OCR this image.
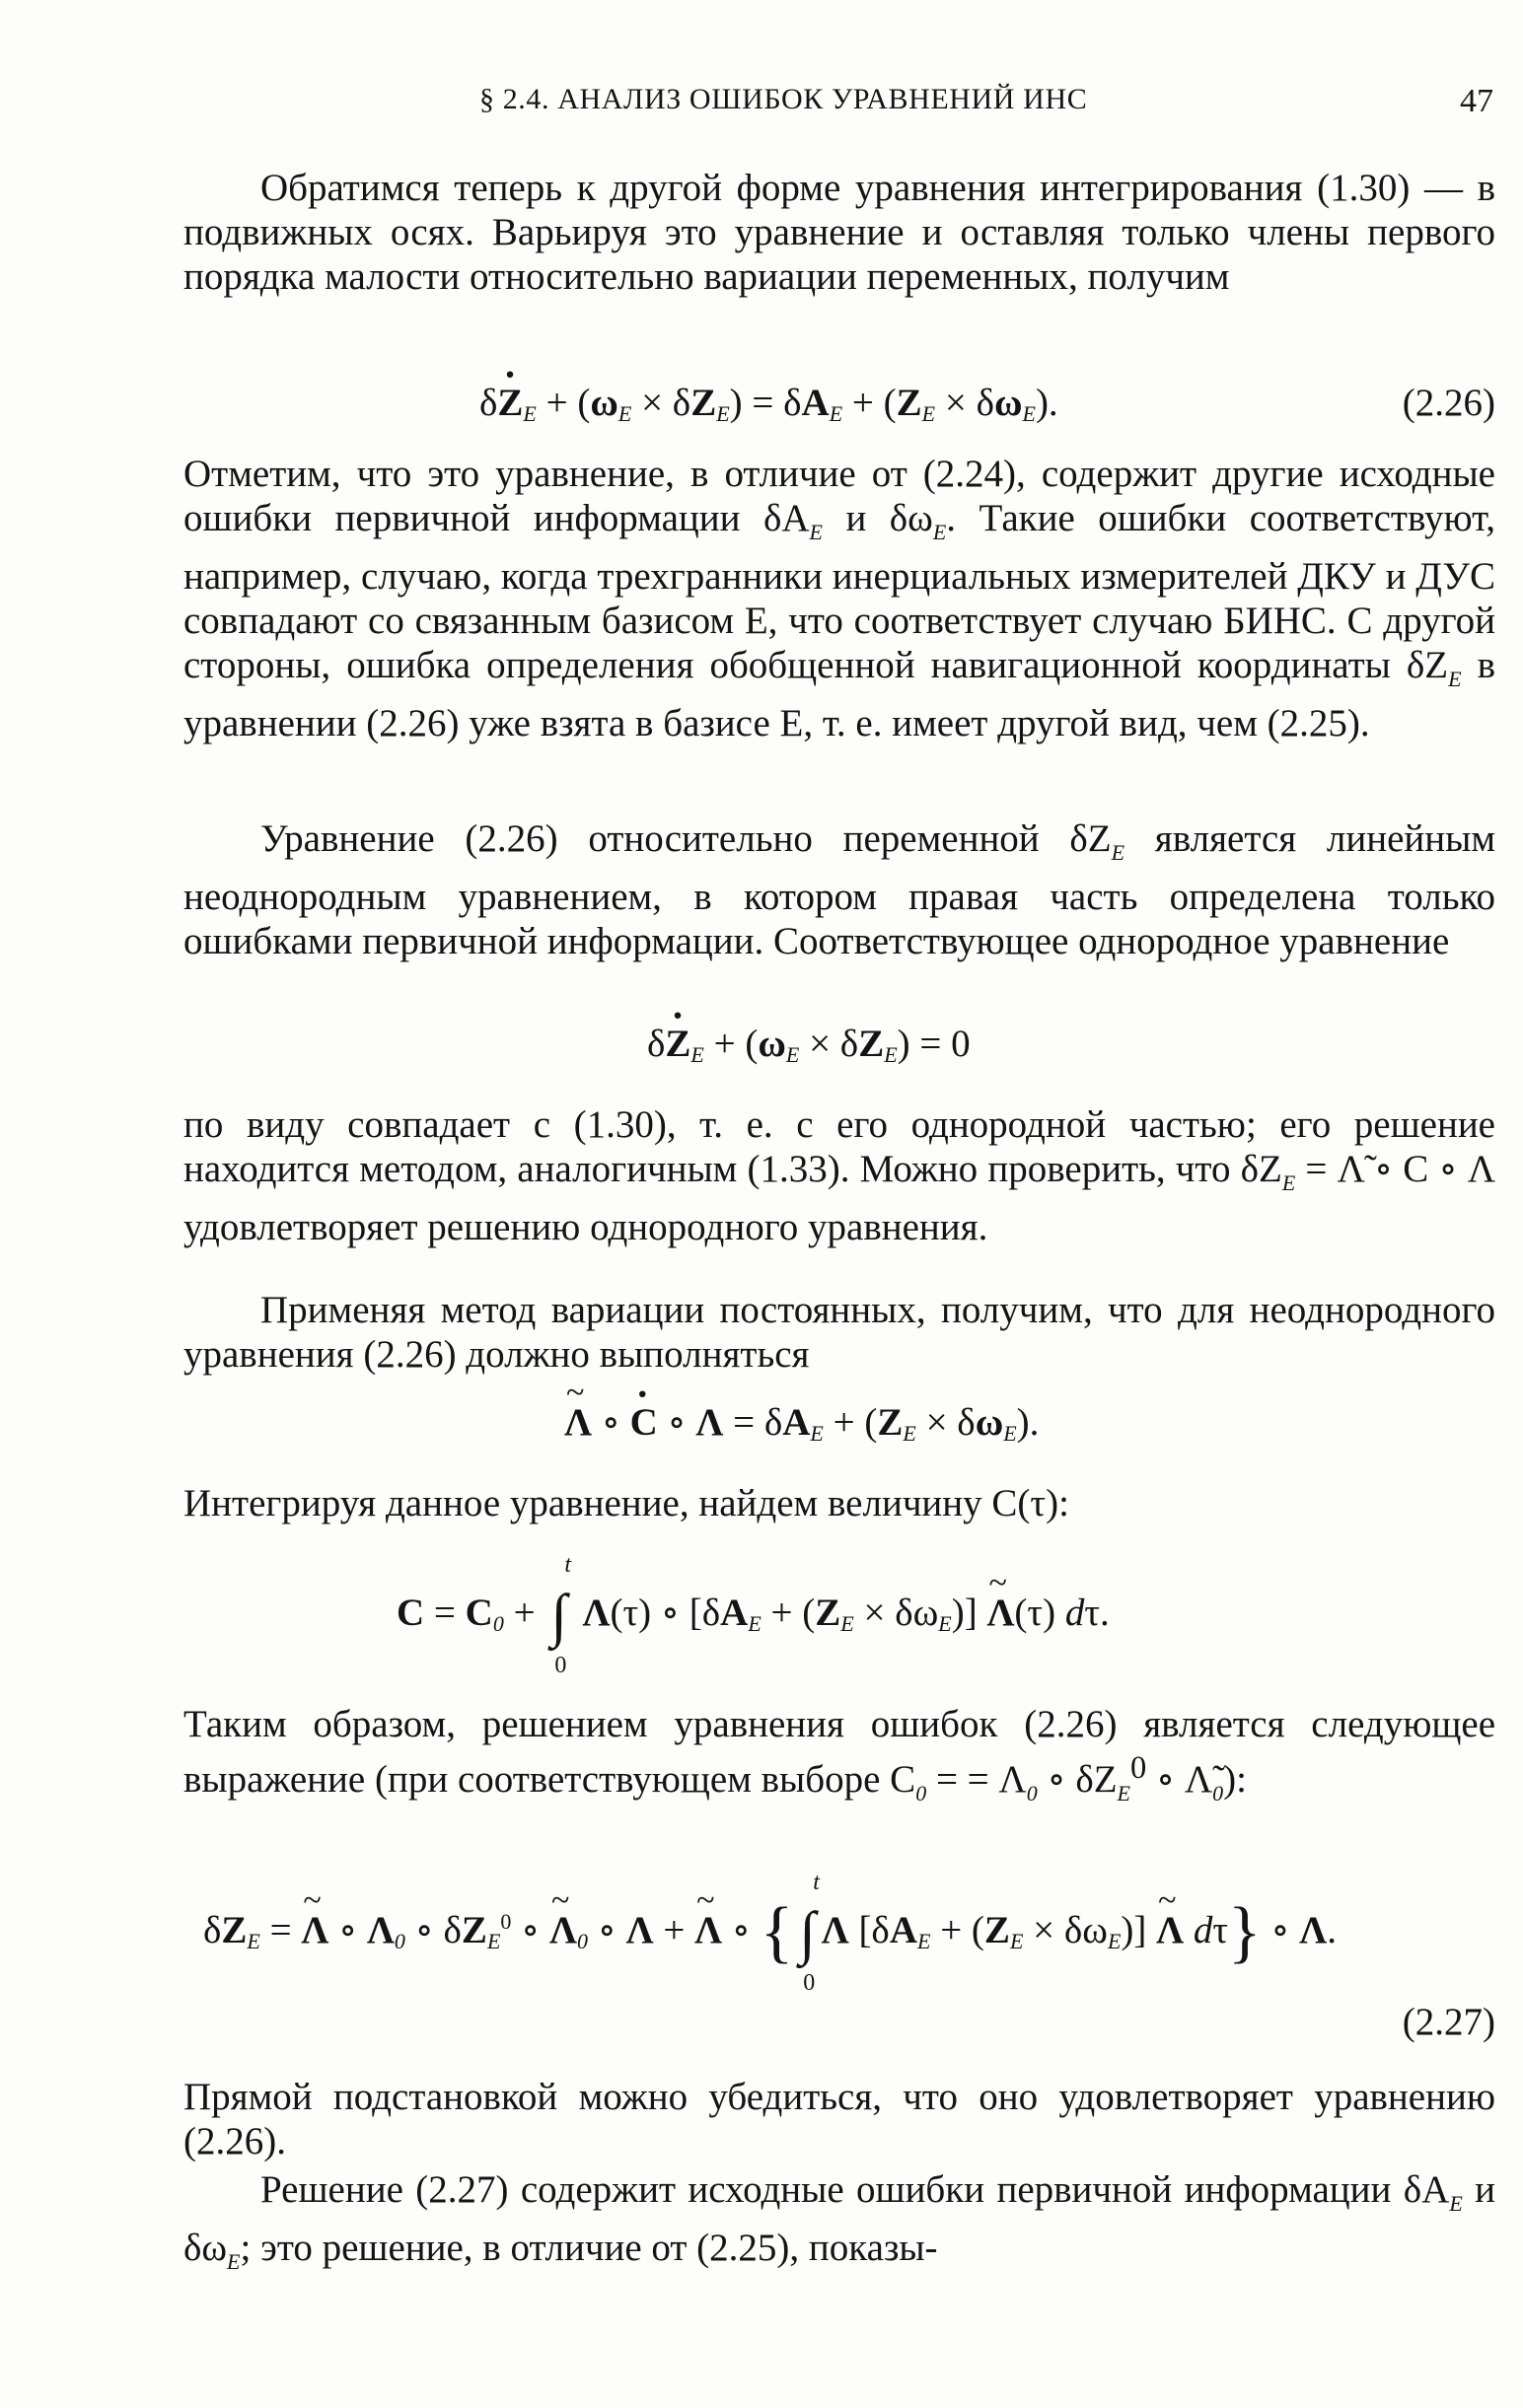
§ 2.4. АНАЛИЗ ОШИБОК УРАВНЕНИЙ ИНС	47

Обратимся теперь к другой форме уравнения интегрирования (1.30) — в подвижных осях. Варьируя это уравнение и оставляя только члены первого порядка малости относительно вариации переменных, получим

$\delta\cdot Z_E + (\omega_E \times \delta Z_E) = \delta A_E + (Z_E \times \delta\omega_E)$.	(2.26)

Отметим, что это уравнение, в отличие от (2.24), содержит другие исходные ошибки первичной информации $\delta A_E$ и $\delta\omega_E$. Такие ошибки соответствуют, например, случаю, когда трехгранники инерциальных измерителей ДКУ и ДУС совпадают со связанным базисом E, что соответствует случаю БИНС. С другой стороны, ошибка определения обобщенной навигационной координаты $\delta Z_E$ в уравнении (2.26) уже взята в базисе E, т. е. имеет другой вид, чем (2.25).

Уравнение (2.26) относительно переменной $\delta Z_E$ является линейным неоднородным уравнением, в котором правая часть определена только ошибками первичной информации. Соответствующее однородное уравнение

$\delta\cdot Z_E + (\omega_E \times \delta Z_E) = 0$

по виду совпадает с (1.30), т. е. с его однородной частью; его решение находится методом, аналогичным (1.33). Можно проверить, что $\delta Z_E$ = Λ̃ ∘ C ∘ Λ удовлетворяет решению однородного уравнения.

Применяя метод вариации постоянных, получим, что для неоднородного уравнения (2.26) должно выполняться

~ Λ ∘ · C ∘ $\Lambda = \delta A_E + (Z_E \times \delta\omega_E)$.

Интегрируя данное уравнение, найдем величину C(τ):

$C = C_0$ + ∫
t
0
Λ(τ) ∘ $[\delta A_E + (Z_E \times \delta\omega_E)]$ ~ Λ(τ) dτ.

Таким образом, решением уравнения ошибок (2.26) является следующее выражение (при соответствующем выборе $C_0$ = = $\Lambda_0$ ∘ $\delta Z_E^0$ ∘ $\Lambdã_0$):

$\delta Z_E$ = ~ Λ ∘ $\Lambda_0$ ∘ $\delta Z_E^0$ ∘ ~ $\Lambda_0$ ∘ Λ + ~ Λ ∘ { ∫
t
0
Λ $[\delta A_E + (Z_E \times \delta\omega_E)]$ ~ Λ dτ} ∘ Λ.
(2.27)

Прямой подстановкой можно убедиться, что оно удовлетворяет уравнению (2.26).

Решение (2.27) содержит исходные ошибки первичной информации $\delta A_E$ и $\delta\omega_E$; это решение, в отличие от (2.25), показы-
